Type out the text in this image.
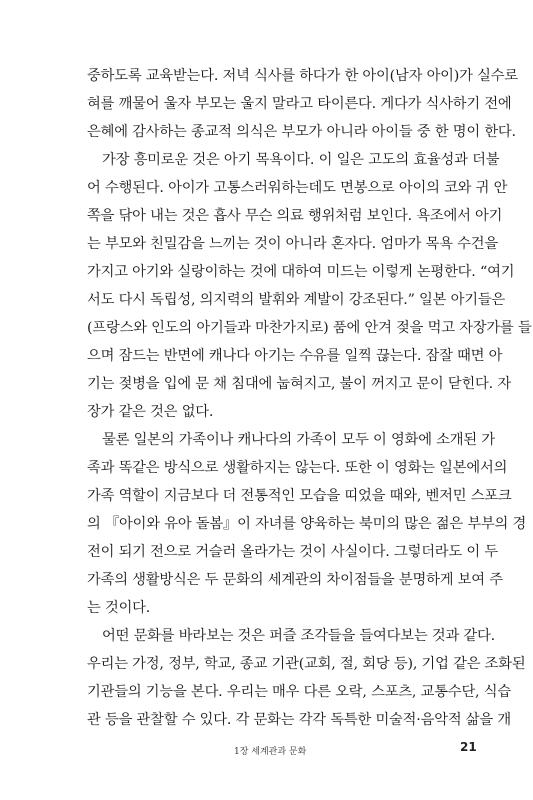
중하도록 교육받는다. 저녁 식사를 하다가 한 아이(남자 아이)가 실수로
혀를 깨물어 울자 부모는 울지 말라고 타이른다. 게다가 식사하기 전에
은혜에 감사하는 종교적 의식은 부모가 아니라 아이들 중 한 명이 한다.
가장 흥미로운 것은 아기 목욕이다. 이 일은 고도의 효율성과 더불
어 수행된다. 아이가 고통스러워하는데도 면봉으로 아이의 코와 귀 안
쪽을 닦아 내는 것은 흡사 무슨 의료 행위처럼 보인다. 욕조에서 아기
는 부모와 친밀감을 느끼는 것이 아니라 혼자다. 엄마가 목욕 수건을
가지고 아기와 실랑이하는 것에 대하여 미드는 이렇게 논평한다. “여기
서도 다시 독립성, 의지력의 발휘와 계발이 강조된다.” 일본 아기들은
(프랑스와 인도의 아기들과 마찬가지로) 품에 안겨 젖을 먹고 자장가를 들
으며 잠드는 반면에 캐나다 아기는 수유를 일찍 끊는다. 잠잘 때면 아
기는 젖병을 입에 문 채 침대에 눕혀지고, 불이 꺼지고 문이 닫힌다. 자
장가 같은 것은 없다.
물론 일본의 가족이나 캐나다의 가족이 모두 이 영화에 소개된 가
족과 똑같은 방식으로 생활하지는 않는다. 또한 이 영화는 일본에서의
가족 역할이 지금보다 더 전통적인 모습을 띠었을 때와, 벤저민 스포크
의 『아이와 유아 돌봄』이 자녀를 양육하는 북미의 많은 젊은 부부의 경
전이 되기 전으로 거슬러 올라가는 것이 사실이다. 그렇더라도 이 두
가족의 생활방식은 두 문화의 세계관의 차이점들을 분명하게 보여 주
는 것이다.
어떤 문화를 바라보는 것은 퍼즐 조각들을 들여다보는 것과 같다.
우리는 가정, 정부, 학교, 종교 기관(교회, 절, 회당 등), 기업 같은 조화된
기관들의 기능을 본다. 우리는 매우 다른 오락, 스포츠, 교통수단, 식습
관 등을 관찰할 수 있다. 각 문화는 각각 독특한 미술적·음악적 삶을 개
1장 세계관과 문화	21
